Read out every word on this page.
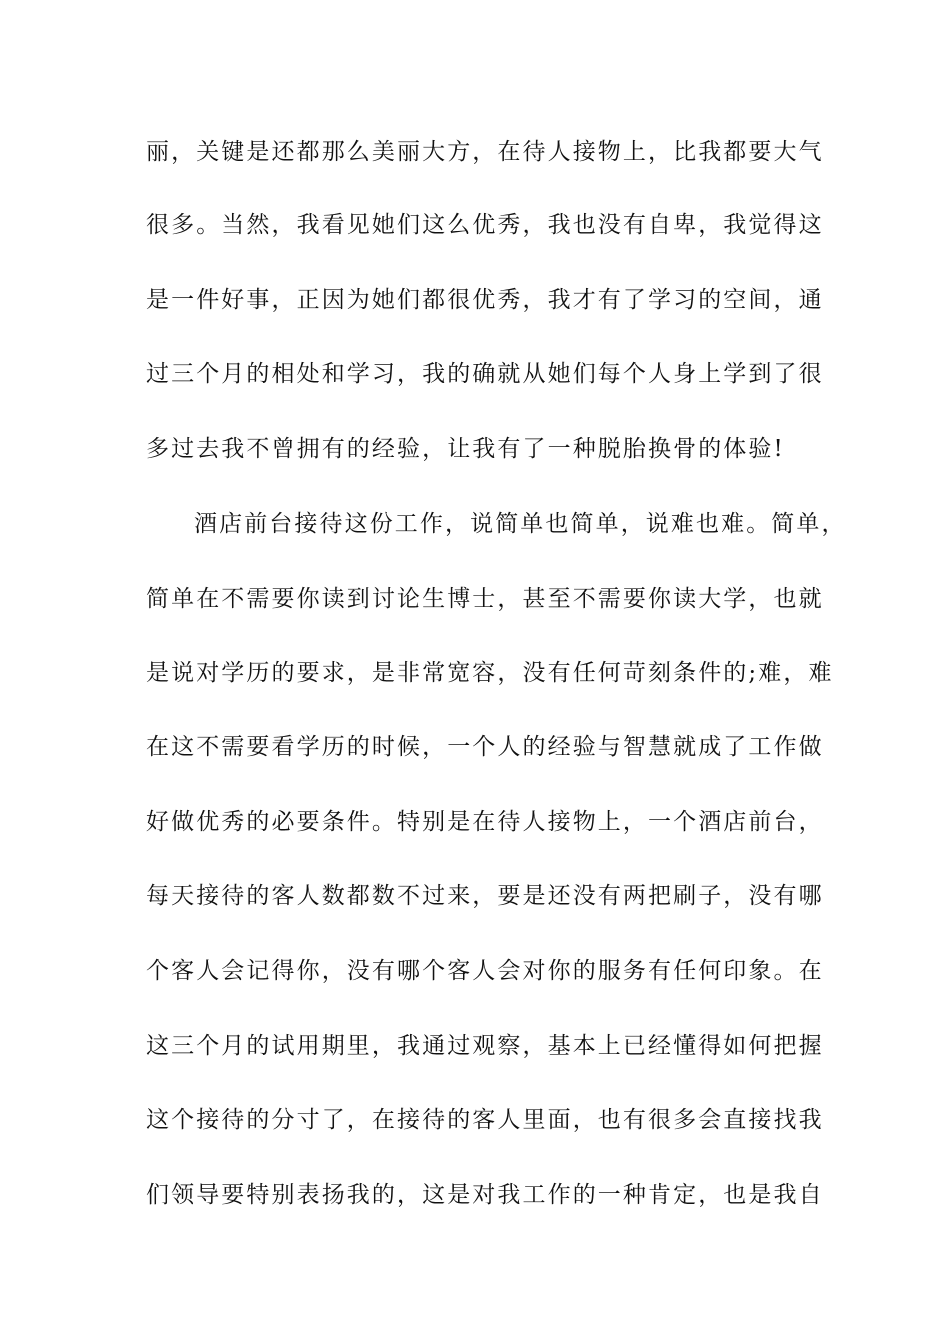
丽，关键是还都那么美丽大方，在待人接物上，比我都要大气
很多。当然，我看见她们这么优秀，我也没有自卑，我觉得这
是一件好事，正因为她们都很优秀，我才有了学习的空间，通
过三个月的相处和学习，我的确就从她们每个人身上学到了很
多过去我不曾拥有的经验，让我有了一种脱胎换骨的体验!
酒店前台接待这份工作，说简单也简单，说难也难。简单，
简单在不需要你读到讨论生博士，甚至不需要你读大学，也就
是说对学历的要求，是非常宽容，没有任何苛刻条件的;难，难
在这不需要看学历的时候，一个人的经验与智慧就成了工作做
好做优秀的必要条件。特别是在待人接物上，一个酒店前台，
每天接待的客人数都数不过来，要是还没有两把刷子，没有哪
个客人会记得你，没有哪个客人会对你的服务有任何印象。在
这三个月的试用期里，我通过观察，基本上已经懂得如何把握
这个接待的分寸了，在接待的客人里面，也有很多会直接找我
们领导要特别表扬我的，这是对我工作的一种肯定，也是我自
